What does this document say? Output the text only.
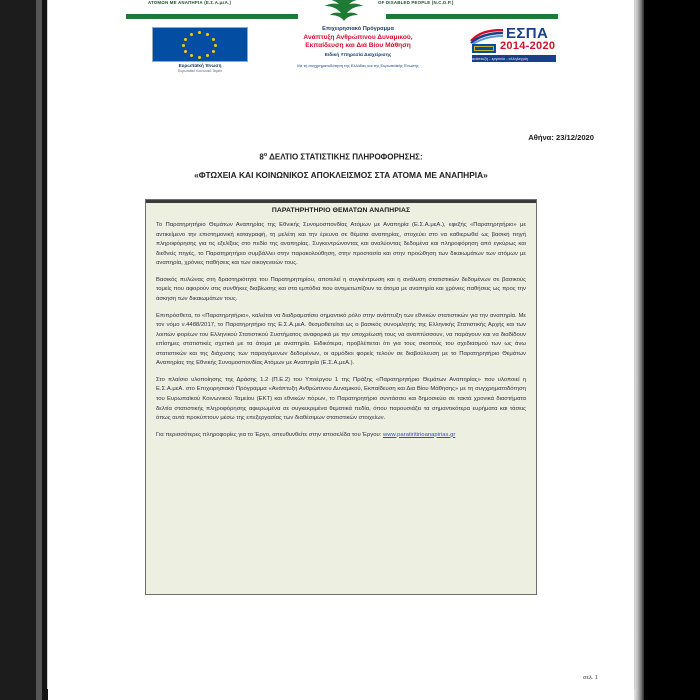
ΑΤΟΜΩΝ ΜΕ ΑΝΑΠΗΡΙΑ (Ε.Σ.Α.μεΑ.)	OF DISABLED PEOPLE (N.C.D.P.)
Ευρωπαϊκή Ένωση
Ευρωπαϊκό Κοινωνικό Ταμείο
Επιχειρησιακό Πρόγραμμα
Ανάπτυξη Ανθρώπινου Δυναμικού,
Εκπαίδευση και Διά Βίου Μάθηση
Ειδική Υπηρεσία Διαχείρισης
Με τη συγχρηματοδότηση της Ελλάδας και της Ευρωπαϊκής Ένωσης
ΕΣΠΑ
2014-2020
ανάπτυξη - εργασία - αλληλεγγύη
Αθήνα: 23/12/2020
$8^o$ ΔΕΛΤΙΟ ΣΤΑΤΙΣΤΙΚΗΣ ΠΛΗΡΟΦΟΡΗΣΗΣ:
«ΦΤΩΧΕΙΑ ΚΑΙ ΚΟΙΝΩΝΙΚΟΣ ΑΠΟΚΛΕΙΣΜΟΣ ΣΤΑ ΑΤΟΜΑ ΜΕ ΑΝΑΠΗΡΙΑ»
ΠΑΡΑΤΗΡΗΤΗΡΙΟ ΘΕΜΑΤΩΝ ΑΝΑΠΗΡΙΑΣ

Το Παρατηρητήριο Θεμάτων Αναπηρίας της Εθνικής Συνομοσπονδίας Ατόμων με Αναπηρία (Ε.Σ.Α.μεΑ.), εφεξής «Παρατηρητήριο» με αντικείμενο την επιστημονική καταγραφή, τη μελέτη και την έρευνα σε θέματα αναπηρίας, στοχεύει στο να καθιερωθεί ως βασική πηγή πληροφόρησης για τις εξελίξεις στο πεδίο της αναπηρίας. Συγκεντρώνοντας και αναλύοντας δεδομένα και πληροφόρηση από εγκύρως και διεθνείς πηγές, το Παρατηρητήριο συμβάλλει στην παρακολούθηση, στην προστασία και στην προώθηση των δικαιωμάτων των ατόμων με αναπηρία, χρόνιες παθήσεις και των οικογενειών τους.

Βασικός πυλώνας στη δραστηριότητα του Παρατηρητηρίου, αποτελεί η συγκέντρωση και η ανάλυση στατιστικών δεδομένων σε βασικούς τομείς που αφορούν στις συνθήκες διαβίωσης και στα εμπόδια που αντιμετωπίζουν τα άτομα με αναπηρία και χρόνιες παθήσεις ως προς την άσκηση των δικαιωμάτων τους.

Επιπρόσθετα, το «Παρατηρητήριο», καλείται να διαδραματίσει σημαντικό ρόλο στην ανάπτυξη των εθνικών στατιστικών για την αναπηρία. Με τον νόμο ν.4488/2017, το Παρατηρητήριο της Ε.Σ.Α.μεΑ. θεσμοθετείται ως ο βασικός συνομιλητής της Ελληνικής Στατιστικής Αρχής και των λοιπών φορέων του Ελληνικού Στατιστικού Συστήματος αναφορικά με την υποχρέωσή τους να αναπτύσσουν, να παράγουν και να διαδίδουν επίσημες στατιστικές σχετικά με τα άτομα με αναπηρία. Ειδικότερα, προβλέπεται ότι για τους σκοπούς του σχεδιασμού των ως άνω στατιστικών και της διάχυσης των παραγόμενων δεδομένων, οι αρμόδιοι φορείς τελούν σε διαβούλευση με το Παρατηρητήριο Θεμάτων Αναπηρίας της Εθνικής Συνομοσπονδίας Ατόμων με Αναπηρία (Ε.Σ.Α.μεΑ.).

Στο πλαίσιο υλοποίησης της Δράσης 1.2 (Π.Ε.2) του Υποέργου 1 της Πράξης «Παρατηρητήριο Θεμάτων Αναπηρίας» που υλοποιεί η Ε.Σ.Α.μεΑ. στο Επιχειρησιακό Πρόγραμμα «Ανάπτυξη Ανθρώπινου Δυναμικού, Εκπαίδευση και Δια Βίου Μάθησης» με τη συγχρηματοδότηση του Ευρωπαϊκού Κοινωνικού Ταμείου (ΕΚΤ) και εθνικών πόρων, το Παρατηρητήριο συντάσσει και δημοσιεύει σε τακτά χρονικά διαστήματα δελτία στατιστικής πληροφόρησης αφιερωμένα σε συγκεκριμένα θεματικά πεδία, όπου παρουσιάζει τα σημαντικότερα ευρήματα και τάσεις όπως αυτά προκύπτουν μέσω της επεξεργασίας των διαθέσιμων στατιστικών στοιχείων.

Για περισσότερες πληροφορίες για το Έργο, απευθυνθείτε στην ιστοσελίδα του Έργου: www.paratiritirioanapirias.gr

σελ. 1
